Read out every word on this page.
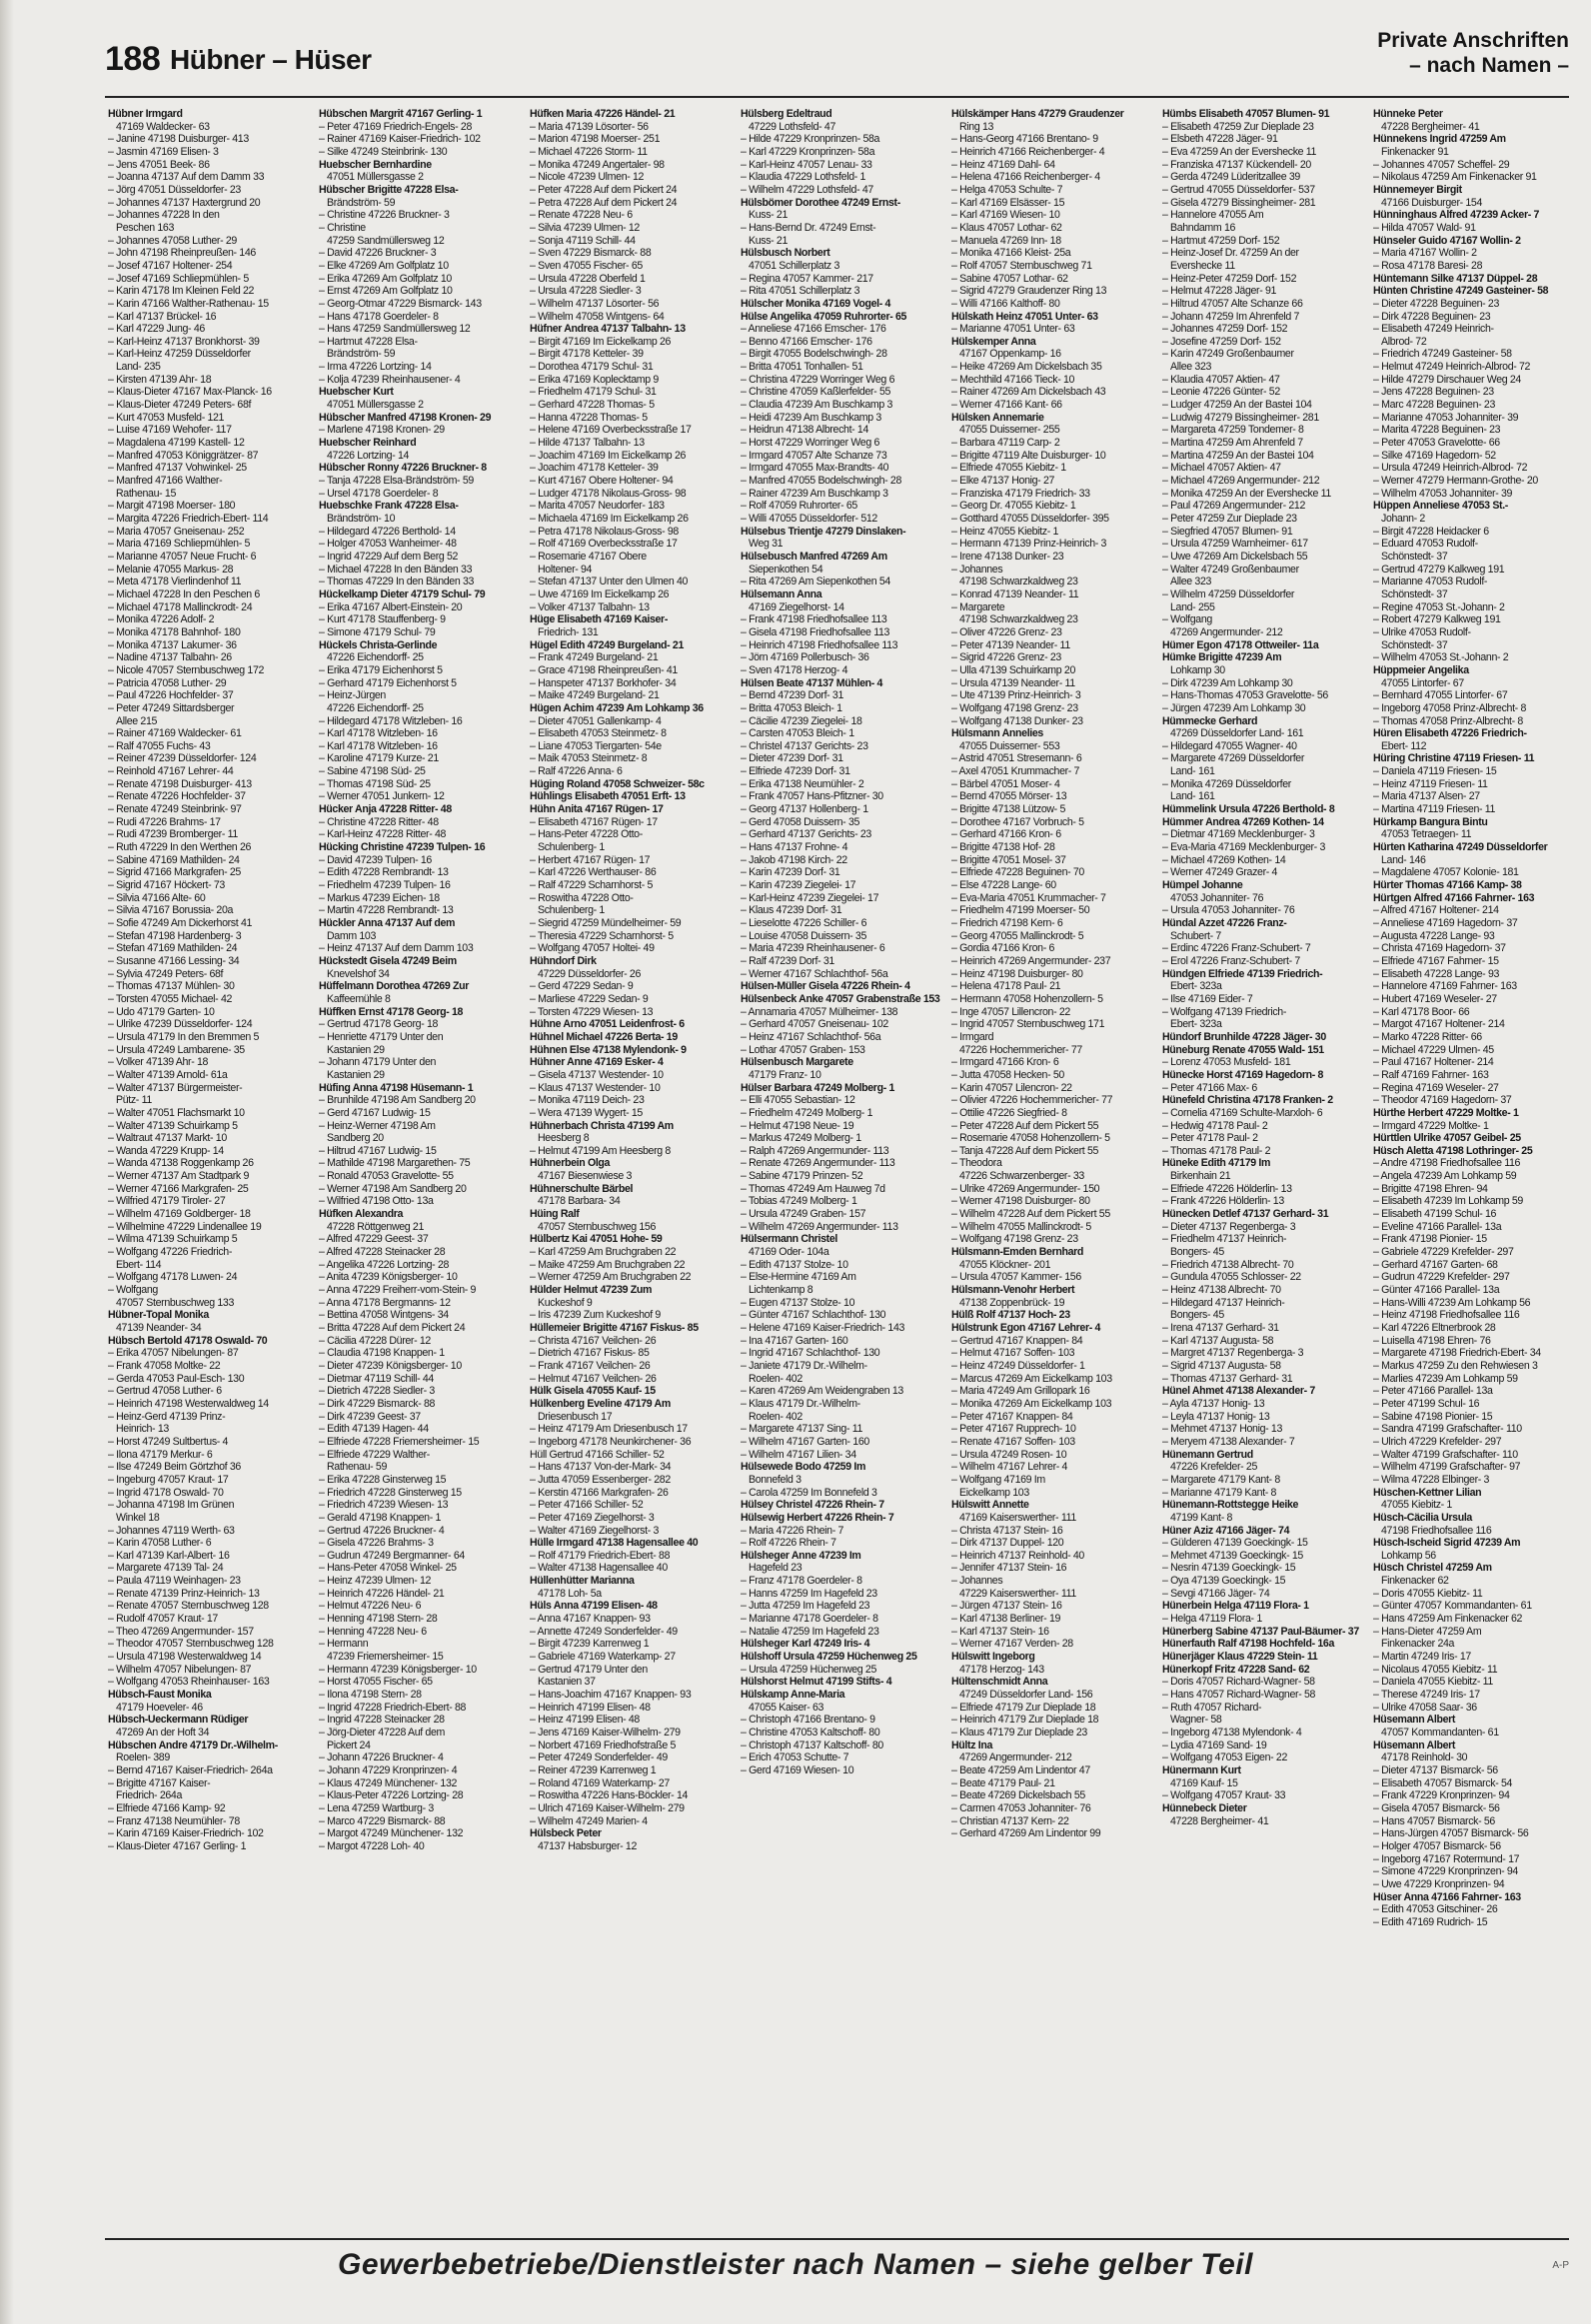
188 Hübner – Hüser
Private Anschriften
– nach Namen –
Hübner Irmgard
47169 Waldecker- 63
– Janine 47198 Duisburger- 413
– Jasmin 47169 Elisen- 3
– Jens 47051 Beek- 86
– Joanna 47137 Auf dem Damm 33
– Jörg 47051 Düsseldorfer- 23
– Johannes 47137 Haxtergrund 20
– Johannes 47228 In den
Peschen 163
– Johannes 47058 Luther- 29
– John 47198 Rheinpreußen- 146
– Josef 47167 Holtener- 254
– Josef 47169 Schliepmühlen- 5
– Karin 47178 Im Kleinen Feld 22
– Karin 47166 Walther-Rathenau- 15
– Karl 47137 Brückel- 16
– Karl 47229 Jung- 46
– Karl-Heinz 47137 Bronkhorst- 39
– Karl-Heinz 47259 Düsseldorfer
Land- 235
– Kirsten 47139 Ahr- 18
– Klaus-Dieter 47167 Max-Planck- 16
– Klaus-Dieter 47249 Peters- 68f
– Kurt 47053 Musfeld- 121
– Luise 47169 Wehofer- 117
– Magdalena 47199 Kastell- 12
– Manfred 47053 Königgrätzer- 87
– Manfred 47137 Vohwinkel- 25
– Manfred 47166 Walther-
Rathenau- 15
– Margit 47198 Moerser- 180
– Margita 47226 Friedrich-Ebert- 114
– Maria 47057 Gneisenau- 252
– Maria 47169 Schliepmühlen- 5
– Marianne 47057 Neue Frucht- 6
– Melanie 47055 Markus- 28
– Meta 47178 Vierlindenhof 11
– Michael 47228 In den Peschen 6
– Michael 47178 Mallinckrodt- 24
– Monika 47226 Adolf- 2
– Monika 47178 Bahnhof- 180
– Monika 47137 Lakumer- 36
– Nadine 47137 Talbahn- 26
– Nicole 47057 Sternbuschweg 172
– Patricia 47058 Luther- 29
– Paul 47226 Hochfelder- 37
– Peter 47249 Sittardsberger
Allee 215
– Rainer 47169 Waldecker- 61
– Ralf 47055 Fuchs- 43
– Reiner 47239 Düsseldorfer- 124
– Reinhold 47167 Lehrer- 44
– Renate 47198 Duisburger- 413
– Renate 47226 Hochfelder- 37
– Renate 47249 Steinbrink- 97
– Rudi 47226 Brahms- 17
– Rudi 47239 Bromberger- 11
– Ruth 47229 In den Werthen 26
– Sabine 47169 Mathilden- 24
– Sigrid 47166 Markgrafen- 25
– Sigrid 47167 Höckert- 73
– Silvia 47166 Alte- 60
– Silvia 47167 Borussia- 20a
– Sofie 47249 Am Dickerhorst 41
– Stefan 47198 Hardenberg- 3
– Stefan 47169 Mathilden- 24
– Susanne 47166 Lessing- 34
– Sylvia 47249 Peters- 68f
– Thomas 47137 Mühlen- 30
– Torsten 47055 Michael- 42
– Udo 47179 Garten- 10
– Ulrike 47239 Düsseldorfer- 124
– Ursula 47179 In den Bremmen 5
– Ursula 47249 Lambarene- 35
– Volker 47139 Ahr- 18
– Walter 47139 Arnold- 61a
– Walter 47137 Bürgermeister-
Pütz- 11
– Walter 47051 Flachsmarkt 10
– Walter 47139 Schuirkamp 5
– Waltraut 47137 Markt- 10
– Wanda 47229 Krupp- 14
– Wanda 47138 Roggenkamp 26
– Werner 47137 Am Stadtpark 9
– Werner 47166 Markgrafen- 25
– Wilfried 47179 Tiroler- 27
– Wilhelm 47169 Goldberger- 18
– Wilhelmine 47229 Lindenallee 19
– Wilma 47139 Schuirkamp 5
– Wolfgang 47226 Friedrich-
Ebert- 114
– Wolfgang 47178 Luwen- 24
– Wolfgang
47057 Sternbuschweg 133
Hübner-Topal Monika
47139 Neander- 34
Hübsch Bertold 47178 Oswald- 70
– Erika 47057 Nibelungen- 87
– Frank 47058 Moltke- 22
– Gerda 47053 Paul-Esch- 130
– Gertrud 47058 Luther- 6
– Heinrich 47198 Westerwaldweg 14
– Heinz-Gerd 47139 Prinz-
Heinrich- 13
– Horst 47249 Sultbertus- 4
– Ilona 47179 Merkur- 6
– Ilse 47249 Beim Görtzhof 36
– Ingeburg 47057 Kraut- 17
– Ingrid 47178 Oswald- 70
– Johanna 47198 Im Grünen
Winkel 18
– Johannes 47119 Werth- 63
– Karin 47058 Luther- 6
– Karl 47139 Karl-Albert- 16
– Margarete 47139 Tal- 24
– Paula 47119 Weinhagen- 23
– Renate 47139 Prinz-Heinrich- 13
– Renate 47057 Sternbuschweg 128
– Rudolf 47057 Kraut- 17
– Theo 47269 Angermunder- 157
– Theodor 47057 Sternbuschweg 128
– Ursula 47198 Westerwaldweg 14
– Wilhelm 47057 Nibelungen- 87
– Wolfgang 47053 Rheinhauser- 163
Hübsch-Faust Monika
47179 Hoeveler- 46
Hübsch-Ueckermann Rüdiger
47269 An der Hoft 34
Hübschen Andre 47179 Dr.-Wilhelm-
Roelen- 389
– Bernd 47167 Kaiser-Friedrich- 264a
– Brigitte 47167 Kaiser-
Friedrich- 264a
– Elfriede 47166 Kamp- 92
– Franz 47138 Neumühler- 78
– Karin 47169 Kaiser-Friedrich- 102
– Klaus-Dieter 47167 Gerling- 1
Hübschen Margrit 47167 Gerling- 1
– Peter 47169 Friedrich-Engels- 28
– Rainer 47169 Kaiser-Friedrich- 102
– Silke 47249 Steinbrink- 130
Huebscher Bernhardine
47051 Müllersgasse 2
Hübscher Brigitte 47228 Elsa-
Brändström- 59
– Christine 47226 Bruckner- 3
– Christine
47259 Sandmüllersweg 12
– David 47226 Bruckner- 3
– Elke 47269 Am Golfplatz 10
– Erika 47269 Am Golfplatz 10
– Ernst 47269 Am Golfplatz 10
– Georg-Otmar 47229 Bismarck- 143
– Hans 47178 Goerdeler- 8
– Hans 47259 Sandmüllersweg 12
– Hartmut 47228 Elsa-
Brändström- 59
– Irma 47226 Lortzing- 14
– Kolja 47239 Rheinhausener- 4
Huebscher Kurt
47051 Müllersgasse 2
Hübscher Manfred 47198 Kronen- 29
– Marlene 47198 Kronen- 29
Huebscher Reinhard
47226 Lortzing- 14
Hübscher Ronny 47226 Bruckner- 8
– Tanja 47228 Elsa-Brändström- 59
– Ursel 47178 Goerdeler- 8
Huebschke Frank 47228 Elsa-
Brändström- 10
– Hildegard 47226 Berthold- 14
– Holger 47053 Wanheimer- 48
– Ingrid 47229 Auf dem Berg 52
– Michael 47228 In den Bänden 33
– Thomas 47229 In den Bänden 33
Hückelkamp Dieter 47179 Schul- 79
– Erika 47167 Albert-Einstein- 20
– Kurt 47178 Stauffenberg- 9
– Simone 47179 Schul- 79
Hückels Christa-Gerlinde
47226 Eichendorff- 25
– Erika 47179 Eichenhorst 5
– Gerhard 47179 Eichenhorst 5
– Heinz-Jürgen
47226 Eichendorff- 25
– Hildegard 47178 Witzleben- 16
– Karl 47178 Witzleben- 16
– Karl 47178 Witzleben- 16
– Karoline 47179 Kurze- 21
– Sabine 47198 Süd- 25
– Thomas 47198 Süd- 25
– Werner 47051 Junkern- 12
Hücker Anja 47228 Ritter- 48
– Christine 47228 Ritter- 48
– Karl-Heinz 47228 Ritter- 48
Hücking Christine 47239 Tulpen- 16
– David 47239 Tulpen- 16
– Edith 47228 Rembrandt- 13
– Friedhelm 47239 Tulpen- 16
– Markus 47239 Eichen- 18
– Martin 47228 Rembrandt- 13
Hückler Anna 47137 Auf dem
Damm 103
– Heinz 47137 Auf dem Damm 103
Hückstedt Gisela 47249 Beim
Knevelshof 34
Hüffelmann Dorothea 47269 Zur
Kaffeemühle 8
Hüffken Ernst 47178 Georg- 18
– Gertrud 47178 Georg- 18
– Henriette 47179 Unter den
Kastanien 29
– Johann 47179 Unter den
Kastanien 29
Hüfing Anna 47198 Hüsemann- 1
– Brunhilde 47198 Am Sandberg 20
– Gerd 47167 Ludwig- 15
– Heinz-Werner 47198 Am
Sandberg 20
– Hiltrud 47167 Ludwig- 15
– Mathilde 47198 Margarethen- 75
– Ronald 47053 Gravelotte- 55
– Werner 47198 Am Sandberg 20
– Wilfried 47198 Otto- 13a
Hüfken Alexandra
47228 Röttgenweg 21
– Alfred 47229 Geest- 37
– Alfred 47228 Steinacker 28
– Angelika 47226 Lortzing- 28
– Anita 47239 Königsberger- 10
– Anna 47229 Freiherr-vom-Stein- 9
– Anna 47178 Bergmanns- 12
– Bettina 47058 Wintgens- 34
– Britta 47228 Auf dem Pickert 24
– Cäcilia 47228 Dürer- 12
– Claudia 47198 Knappen- 1
– Dieter 47239 Königsberger- 10
– Dietmar 47119 Schill- 44
– Dietrich 47228 Siedler- 3
– Dirk 47229 Bismarck- 88
– Dirk 47239 Geest- 37
– Edith 47139 Hagen- 44
– Elfriede 47228 Friemersheimer- 15
– Elfriede 47229 Walther-
Rathenau- 59
– Erika 47228 Ginsterweg 15
– Friedrich 47228 Ginsterweg 15
– Friedrich 47239 Wiesen- 13
– Gerald 47198 Knappen- 1
– Gertrud 47226 Bruckner- 4
– Gisela 47226 Brahms- 3
– Gudrun 47249 Bergmanner- 64
– Hans-Peter 47058 Winkel- 25
– Heinz 47239 Ulmen- 12
– Heinrich 47226 Händel- 21
– Helmut 47226 Neu- 6
– Henning 47198 Stern- 28
– Henning 47228 Neu- 6
– Hermann
47239 Friemersheimer- 15
– Hermann 47239 Königsberger- 10
– Horst 47055 Fischer- 65
– Ilona 47198 Stern- 28
– Ingrid 47228 Friedrich-Ebert- 88
– Ingrid 47228 Steinacker 28
– Jörg-Dieter 47228 Auf dem
Pickert 24
– Johann 47226 Bruckner- 4
– Johann 47229 Kronprinzen- 4
– Klaus 47249 Münchener- 132
– Klaus-Peter 47226 Lortzing- 28
– Lena 47259 Wartburg- 3
– Marco 47229 Bismarck- 88
– Margot 47249 Münchener- 132
– Margot 47228 Loh- 40
Hüfken Maria 47226 Händel- 21
– Maria 47139 Lösorter- 56
– Marion 47198 Moerser- 251
– Michael 47226 Storm- 11
– Monika 47249 Angertaler- 98
– Nicole 47239 Ulmen- 12
– Peter 47228 Auf dem Pickert 24
– Petra 47228 Auf dem Pickert 24
– Renate 47228 Neu- 6
– Silvia 47239 Ulmen- 12
– Sonja 47119 Schill- 44
– Sven 47229 Bismarck- 88
– Sven 47055 Fischer- 65
– Ursula 47228 Oberfeld 1
– Ursula 47228 Siedler- 3
– Wilhelm 47137 Lösorter- 56
– Wilhelm 47058 Wintgens- 64
Hüfner Andrea 47137 Talbahn- 13
– Birgit 47169 Im Eickelkamp 26
– Birgit 47178 Ketteler- 39
– Dorothea 47179 Schul- 31
– Erika 47169 Koplecktamp 9
– Friedhelm 47179 Schul- 31
– Gerhard 47228 Thomas- 5
– Hanna 47228 Thomas- 5
– Helene 47169 Overbecksstraße 17
– Hilde 47137 Talbahn- 13
– Joachim 47169 Im Eickelkamp 26
– Joachim 47178 Ketteler- 39
– Kurt 47167 Obere Holtener- 94
– Ludger 47178 Nikolaus-Gross- 98
– Marita 47057 Neudorfer- 183
– Michaela 47169 Im Eickelkamp 26
– Petra 47178 Nikolaus-Gross- 98
– Rolf 47169 Overbecksstraße 17
– Rosemarie 47167 Obere
Holtener- 94
– Stefan 47137 Unter den Ulmen 40
– Uwe 47169 Im Eickelkamp 26
– Volker 47137 Talbahn- 13
Hüge Elisabeth 47169 Kaiser-
Friedrich- 131
Hügel Edith 47249 Burgeland- 21
– Frank 47249 Burgeland- 21
– Grace 47198 Rheinpreußen- 41
– Hanspeter 47137 Borkhofer- 34
– Maike 47249 Burgeland- 21
Hügen Achim 47239 Am Lohkamp 36
– Dieter 47051 Gallenkamp- 4
– Elisabeth 47053 Steinmetz- 8
– Liane 47053 Tiergarten- 54e
– Maik 47053 Steinmetz- 8
– Ralf 47226 Anna- 6
Hüging Roland 47058 Schweizer- 58c
Hühlings Elisabeth 47051 Erft- 13
Hühn Anita 47167 Rügen- 17
– Elisabeth 47167 Rügen- 17
– Hans-Peter 47228 Otto-
Schulenberg- 1
– Herbert 47167 Rügen- 17
– Karl 47226 Werthauser- 86
– Ralf 47229 Scharnhorst- 5
– Roswitha 47228 Otto-
Schulenberg- 1
– Siegrid 47259 Mündelheimer- 59
– Theresia 47229 Scharnhorst- 5
– Wolfgang 47057 Holtei- 49
Hühndorf Dirk
47229 Düsseldorfer- 26
– Gerd 47229 Sedan- 9
– Marliese 47229 Sedan- 9
– Torsten 47229 Wiesen- 13
Hühne Arno 47051 Leidenfrost- 6
Hühnel Michael 47226 Berta- 19
Hühnen Else 47138 Mylendonk- 9
Hühner Anne 47169 Esker- 4
– Gisela 47137 Westender- 10
– Klaus 47137 Westender- 10
– Monika 47119 Deich- 23
– Wera 47139 Wygert- 15
Hühnerbach Christa 47199 Am
Heesberg 8
– Helmut 47199 Am Heesberg 8
Hühnerbein Olga
47167 Biesenwiese 3
Hühnerschulte Bärbel
47178 Barbara- 34
Hüing Ralf
47057 Sternbuschweg 156
Hülbertz Kai 47051 Hohe- 59
– Karl 47259 Am Bruchgraben 22
– Maike 47259 Am Bruchgraben 22
– Werner 47259 Am Bruchgraben 22
Hülder Helmut 47239 Zum
Kuckeshof 9
– Iris 47239 Zum Kuckeshof 9
Hüllemeier Brigitte 47167 Fiskus- 85
– Christa 47167 Veilchen- 26
– Dietrich 47167 Fiskus- 85
– Frank 47167 Veilchen- 26
– Helmut 47167 Veilchen- 26
Hülk Gisela 47055 Kauf- 15
Hülkenberg Eveline 47179 Am
Driesenbusch 17
– Heinz 47179 Am Driesenbusch 17
– Ingeborg 47178 Neunkirchener- 36
Hüll Gertrud 47166 Schiller- 52
– Hans 47137 Von-der-Mark- 34
– Jutta 47059 Essenberger- 282
– Kerstin 47166 Markgrafen- 26
– Peter 47166 Schiller- 52
– Peter 47169 Ziegelhorst- 3
– Walter 47169 Ziegelhorst- 3
Hülle Irmgard 47138 Hagensallee 40
– Rolf 47179 Friedrich-Ebert- 88
– Walter 47138 Hagensallee 40
Hüllenhütter Marianna
47178 Loh- 5a
Hüls Anna 47199 Elisen- 48
– Anna 47167 Knappen- 93
– Annette 47249 Sonderfelder- 49
– Birgit 47239 Karrenweg 1
– Gabriele 47169 Waterkamp- 27
– Gertrud 47179 Unter den
Kastanien 37
– Hans-Joachim 47167 Knappen- 93
– Heinrich 47199 Elisen- 48
– Heinz 47199 Elisen- 48
– Jens 47169 Kaiser-Wilhelm- 279
– Norbert 47169 Friedhofstraße 5
– Peter 47249 Sonderfelder- 49
– Reiner 47239 Karrenweg 1
– Roland 47169 Waterkamp- 27
– Roswitha 47226 Hans-Böckler- 14
– Ulrich 47169 Kaiser-Wilhelm- 279
– Wilhelm 47249 Marien- 4
Hülsbeck Peter
47137 Habsburger- 12
Hülsberg Edeltraud
47229 Lothsfeld- 47
– Hilde 47229 Kronprinzen- 58a
– Karl 47229 Kronprinzen- 58a
– Karl-Heinz 47057 Lenau- 33
– Klaudia 47229 Lothsfeld- 1
– Wilhelm 47229 Lothsfeld- 47
Hülsbömer Dorothee 47249 Ernst-
Kuss- 21
– Hans-Bernd Dr. 47249 Ernst-
Kuss- 21
Hülsbusch Norbert
47051 Schillerplatz 3
– Regina 47057 Kammer- 217
– Rita 47051 Schillerplatz 3
Hülscher Monika 47169 Vogel- 4
Hülse Angelika 47059 Ruhrorter- 65
– Anneliese 47166 Emscher- 176
– Benno 47166 Emscher- 176
– Birgit 47055 Bodelschwingh- 28
– Britta 47051 Tonhallen- 51
– Christina 47229 Worringer Weg 6
– Christine 47059 Kaßlerfelder- 55
– Claudia 47239 Am Buschkamp 3
– Heidi 47239 Am Buschkamp 3
– Heidrun 47138 Albrecht- 14
– Horst 47229 Worringer Weg 6
– Irmgard 47057 Alte Schanze 73
– Irmgard 47055 Max-Brandts- 40
– Manfred 47055 Bodelschwingh- 28
– Rainer 47239 Am Buschkamp 3
– Rolf 47059 Ruhrorter- 65
– Willi 47055 Düsseldorfer- 512
Hülsebus Trientje 47279 Dinslaken-
Weg 31
Hülsebusch Manfred 47269 Am
Siepenkothen 54
– Rita 47269 Am Siepenkothen 54
Hülsemann Anna
47169 Ziegelhorst- 14
– Frank 47198 Friedhofsallee 113
– Gisela 47198 Friedhofsallee 113
– Heinrich 47198 Friedhofsallee 113
– Jörn 47169 Pollerbusch- 36
– Sven 47178 Herzog- 4
Hülsen Beate 47137 Mühlen- 4
– Bernd 47239 Dorf- 31
– Britta 47053 Bleich- 1
– Cäcilie 47239 Ziegelei- 18
– Carsten 47053 Bleich- 1
– Christel 47137 Gerichts- 23
– Dieter 47239 Dorf- 31
– Elfriede 47239 Dorf- 31
– Erika 47138 Neumühler- 2
– Frank 47057 Hans-Pfitzner- 30
– Georg 47137 Hollenberg- 1
– Gerd 47058 Duissern- 35
– Gerhard 47137 Gerichts- 23
– Hans 47137 Frohne- 4
– Jakob 47198 Kirch- 22
– Karin 47239 Dorf- 31
– Karin 47239 Ziegelei- 17
– Karl-Heinz 47239 Ziegelei- 17
– Klaus 47239 Dorf- 31
– Lieselotte 47226 Schiller- 6
– Louise 47058 Duissern- 35
– Maria 47239 Rheinhausener- 6
– Ralf 47239 Dorf- 31
– Werner 47167 Schlachthof- 56a
Hülsen-Müller Gisela 47226 Rhein- 4
Hülsenbeck Anke 47057 Grabenstraße 153
– Annamaria 47057 Mülheimer- 138
– Gerhard 47057 Gneisenau- 102
– Heinz 47167 Schlachthof- 56a
– Lothar 47057 Graben- 153
Hülsenbusch Margarete
47179 Franz- 10
Hülser Barbara 47249 Molberg- 1
– Elli 47055 Sebastian- 12
– Friedhelm 47249 Molberg- 1
– Helmut 47198 Neue- 19
– Markus 47249 Molberg- 1
– Ralph 47269 Angermunder- 113
– Renate 47269 Angermunder- 113
– Sabine 47179 Prinzen- 52
– Thomas 47249 Am Hauweg 7d
– Tobias 47249 Molberg- 1
– Ursula 47249 Graben- 157
– Wilhelm 47269 Angermunder- 113
Hülsermann Christel
47169 Oder- 104a
– Edith 47137 Stolze- 10
– Else-Hermine 47169 Am
Lichtenkamp 8
– Eugen 47137 Stolze- 10
– Günter 47167 Schlachthof- 130
– Helene 47169 Kaiser-Friedrich- 143
– Ina 47167 Garten- 160
– Ingrid 47167 Schlachthof- 130
– Janiete 47179 Dr.-Wilhelm-
Roelen- 402
– Karen 47269 Am Weidengraben 13
– Klaus 47179 Dr.-Wilhelm-
Roelen- 402
– Margarete 47137 Sing- 11
– Wilhelm 47167 Garten- 160
– Wilhelm 47167 Lilien- 34
Hülsewede Bodo 47259 Im
Bonnefeld 3
– Carola 47259 Im Bonnefeld 3
Hülsey Christel 47226 Rhein- 7
Hülsewig Herbert 47226 Rhein- 7
– Maria 47226 Rhein- 7
– Rolf 47226 Rhein- 7
Hülsheger Anne 47239 Im
Hagefeld 23
– Franz 47178 Goerdeler- 8
– Hanns 47259 Im Hagefeld 23
– Jutta 47259 Im Hagefeld 23
– Marianne 47178 Goerdeler- 8
– Natalie 47259 Im Hagefeld 23
Hülsheger Karl 47249 Iris- 4
Hülshoff Ursula 47259 Hüchenweg 25
– Ursula 47259 Hüchenweg 25
Hülshorst Helmut 47199 Stifts- 4
Hülskamp Anne-Maria
47055 Kaiser- 63
– Christoph 47166 Brentano- 9
– Christine 47053 Kaltschoff- 80
– Christoph 47137 Kaltschoff- 80
– Erich 47053 Schutte- 7
– Gerd 47169 Wiesen- 10
Hülskämper Hans 47279 Graudenzer
Ring 13
– Hans-Georg 47166 Brentano- 9
– Heinrich 47166 Reichenberger- 4
– Heinz 47169 Dahl- 64
– Helena 47166 Reichenberger- 4
– Helga 47053 Schulte- 7
– Karl 47169 Elsässer- 15
– Karl 47169 Wiesen- 10
– Klaus 47057 Lothar- 62
– Manuela 47269 Inn- 18
– Monika 47166 Kleist- 25a
– Rolf 47057 Sternbuschweg 71
– Sabine 47057 Lothar- 62
– Sigrid 47279 Graudenzer Ring 13
– Willi 47166 Kalthoff- 80
Hülskath Heinz 47051 Unter- 63
– Marianne 47051 Unter- 63
Hülskemper Anna
47167 Oppenkamp- 16
– Heike 47269 Am Dickelsbach 35
– Mechthild 47166 Tieck- 10
– Rainer 47269 Am Dickelsbach 43
– Werner 47166 Kant- 66
Hülsken Annemarie
47055 Duisserner- 255
– Barbara 47119 Carp- 2
– Brigitte 47119 Alte Duisburger- 10
– Elfriede 47055 Kiebitz- 1
– Elke 47137 Honig- 27
– Franziska 47179 Friedrich- 33
– Georg Dr. 47055 Kiebitz- 1
– Gotthard 47055 Düsseldorfer- 395
– Heinz 47055 Kiebitz- 1
– Hermann 47139 Prinz-Heinrich- 3
– Irene 47138 Dunker- 23
– Johannes
47198 Schwarzkaldweg 23
– Konrad 47139 Neander- 11
– Margarete
47198 Schwarzkaldweg 23
– Oliver 47226 Grenz- 23
– Peter 47139 Neander- 11
– Sigrid 47226 Grenz- 23
– Ulla 47139 Schuirkamp 20
– Ursula 47139 Neander- 11
– Ute 47139 Prinz-Heinrich- 3
– Wolfgang 47198 Grenz- 23
– Wolfgang 47138 Dunker- 23
Hülsmann Annelies
47055 Duisserner- 553
– Astrid 47051 Stresemann- 6
– Axel 47051 Krummacher- 7
– Bärbel 47051 Moser- 4
– Bernd 47055 Mörser- 13
– Brigitte 47138 Lützow- 5
– Dorothee 47167 Vorbruch- 5
– Gerhard 47166 Kron- 6
– Brigitte 47138 Hof- 28
– Brigitte 47051 Mosel- 37
– Elfriede 47228 Beguinen- 70
– Else 47228 Lange- 60
– Eva-Maria 47051 Krummacher- 7
– Friedhelm 47199 Moerser- 50
– Friedrich 47198 Kern- 6
– Georg 47055 Mallinckrodt- 5
– Gordia 47166 Kron- 6
– Heinrich 47269 Angermunder- 237
– Heinz 47198 Duisburger- 80
– Helena 47178 Paul- 21
– Hermann 47058 Hohenzollern- 5
– Inge 47057 Lillencron- 22
– Ingrid 47057 Sternbuschweg 171
– Irmgard
47226 Hochemmericher- 77
– Irmgard 47166 Kron- 6
– Jutta 47058 Hecken- 50
– Karin 47057 Lilencron- 22
– Olivier 47226 Hochemmericher- 77
– Ottilie 47226 Siegfried- 8
– Peter 47228 Auf dem Pickert 55
– Rosemarie 47058 Hohenzollern- 5
– Tanja 47228 Auf dem Pickert 55
– Theodora
47226 Schwarzenberger- 33
– Ulrike 47269 Angermunder- 150
– Werner 47198 Duisburger- 80
– Wilhelm 47228 Auf dem Pickert 55
– Wilhelm 47055 Mallinckrodt- 5
– Wolfgang 47198 Grenz- 23
Hülsmann-Emden Bernhard
47055 Klöckner- 201
– Ursula 47057 Kammer- 156
Hülsmann-Venohr Herbert
47138 Zoppenbrück- 19
Hülß Rolf 47137 Hoch- 23
Hülstrunk Egon 47167 Lehrer- 4
– Gertrud 47167 Knappen- 84
– Helmut 47167 Soffen- 103
– Heinz 47249 Düsseldorfer- 1
– Marcus 47269 Am Eickelkamp 103
– Maria 47249 Am Grillopark 16
– Monika 47269 Am Eickelkamp 103
– Peter 47167 Knappen- 84
– Peter 47167 Rupprech- 10
– Renate 47167 Soffen- 103
– Ursula 47249 Rosen- 10
– Wilhelm 47167 Lehrer- 4
– Wolfgang 47169 Im
Eickelkamp 103
Hülswitt Annette
47169 Kaiserswerther- 111
– Christa 47137 Stein- 16
– Dirk 47137 Duppel- 120
– Heinrich 47137 Reinhold- 40
– Jennifer 47137 Stein- 16
– Johannes
47229 Kaiserswerther- 111
– Jürgen 47137 Stein- 16
– Karl 47138 Berliner- 19
– Karl 47137 Stein- 16
– Werner 47167 Verden- 28
Hülswitt Ingeborg
47178 Herzog- 143
Hültenschmidt Anna
47249 Düsseldorfer Land- 156
– Elfriede 47179 Zur Dieplade 18
– Heinrich 47179 Zur Dieplade 18
– Klaus 47179 Zur Dieplade 23
Hültz Ina
47269 Angermunder- 212
– Beate 47259 Am Lindentor 47
– Beate 47179 Paul- 21
– Beate 47269 Dickelsbach 55
– Carmen 47053 Johanniter- 76
– Christian 47137 Kern- 22
– Gerhard 47269 Am Lindentor 99
Hümbs Elisabeth 47057 Blumen- 91
– Elisabeth 47259 Zur Dieplade 23
– Elsbeth 47228 Jäger- 91
– Eva 47259 An der Evershecke 11
– Franziska 47137 Kückendell- 20
– Gerda 47249 Lüderitzallee 39
– Gertrud 47055 Düsseldorfer- 537
– Gisela 47279 Bissingheimer- 281
– Hannelore 47055 Am
Bahndamm 16
– Hartmut 47259 Dorf- 152
– Heinz-Josef Dr. 47259 An der
Evershecke 11
– Heinz-Peter 47259 Dorf- 152
– Helmut 47228 Jäger- 91
– Hiltrud 47057 Alte Schanze 66
– Johann 47259 Im Ahrenfeld 7
– Johannes 47259 Dorf- 152
– Josefine 47259 Dorf- 152
– Karin 47249 Großenbaumer
Allee 323
– Klaudia 47057 Aktien- 47
– Leonie 47226 Günter- 52
– Ludger 47259 An der Bastei 104
– Ludwig 47279 Bissingheimer- 281
– Margareta 47259 Tondemer- 8
– Martina 47259 Am Ahrenfeld 7
– Martina 47259 An der Bastei 104
– Michael 47057 Aktien- 47
– Michael 47269 Angermunder- 212
– Monika 47259 An der Evershecke 11
– Paul 47269 Angermunder- 212
– Peter 47259 Zur Dieplade 23
– Siegfried 47057 Blumen- 91
– Ursula 47259 Warnheimer- 617
– Uwe 47269 Am Dickelsbach 55
– Walter 47249 Großenbaumer
Allee 323
– Wilhelm 47259 Düsseldorfer
Land- 255
– Wolfgang
47269 Angermunder- 212
Hümer Egon 47178 Ottweiler- 11a
Hümke Brigitte 47239 Am
Lohkamp 30
– Dirk 47239 Am Lohkamp 30
– Hans-Thomas 47053 Gravelotte- 56
– Jürgen 47239 Am Lohkamp 30
Hümmecke Gerhard
47269 Düsseldorfer Land- 161
– Hildegard 47055 Wagner- 40
– Margarete 47269 Düsseldorfer
Land- 161
– Monika 47269 Düsseldorfer
Land- 161
Hümmelink Ursula 47226 Berthold- 8
Hümmer Andrea 47269 Kothen- 14
– Dietmar 47169 Mecklenburger- 3
– Eva-Maria 47169 Mecklenburger- 3
– Michael 47269 Kothen- 14
– Werner 47249 Grazer- 4
Hümpel Johanne
47053 Johanniter- 76
– Ursula 47053 Johanniter- 76
Hündal Azzet 47226 Franz-
Schubert- 7
– Erdinc 47226 Franz-Schubert- 7
– Erol 47226 Franz-Schubert- 7
Hündgen Elfriede 47139 Friedrich-
Ebert- 323a
– Ilse 47169 Eider- 7
– Wolfgang 47139 Friedrich-
Ebert- 323a
Hündorf Brunhilde 47228 Jäger- 30
Hüneburg Renate 47055 Wald- 151
– Lorenz 47053 Musfeld- 181
Hünecke Horst 47169 Hagedorn- 8
– Peter 47166 Max- 6
Hünefeld Christina 47178 Franken- 2
– Cornelia 47169 Schulte-Marxloh- 6
– Hedwig 47178 Paul- 2
– Peter 47178 Paul- 2
– Thomas 47178 Paul- 2
Hüneke Edith 47179 Im
Birkenhain 21
– Elfriede 47226 Hölderlin- 13
– Frank 47226 Hölderlin- 13
Hünecken Detlef 47137 Gerhard- 31
– Dieter 47137 Regenberga- 3
– Friedhelm 47137 Heinrich-
Bongers- 45
– Friedrich 47138 Albrecht- 70
– Gundula 47055 Schlosser- 22
– Heinz 47138 Albrecht- 70
– Hildegard 47137 Heinrich-
Bongers- 45
– Irena 47137 Gerhard- 31
– Karl 47137 Augusta- 58
– Margret 47137 Regenberga- 3
– Sigrid 47137 Augusta- 58
– Thomas 47137 Gerhard- 31
Hünel Ahmet 47138 Alexander- 7
– Ayla 47137 Honig- 13
– Leyla 47137 Honig- 13
– Mehmet 47137 Honig- 13
– Meryem 47138 Alexander- 7
Hünemann Gertrud
47226 Krefelder- 25
– Margarete 47179 Kant- 8
– Marianne 47179 Kant- 8
Hünemann-Rottstegge Heike
47199 Kant- 8
Hüner Aziz 47166 Jäger- 74
– Gülderen 47139 Goeckingk- 15
– Mehmet 47139 Goeckingk- 15
– Nesrin 47139 Goeckingk- 15
– Oya 47139 Goeckingk- 15
– Sevgi 47166 Jäger- 74
Hünerbein Helga 47119 Flora- 1
– Helga 47119 Flora- 1
Hünerberg Sabine 47137 Paul-Bäumer- 37
Hünerfauth Ralf 47198 Hochfeld- 16a
Hünerjäger Klaus 47229 Stein- 11
Hünerkopf Fritz 47228 Sand- 62
– Doris 47057 Richard-Wagner- 58
– Hans 47057 Richard-Wagner- 58
– Ruth 47057 Richard-
Wagner- 58
– Ingeborg 47138 Mylendonk- 4
– Lydia 47169 Sand- 19
– Wolfgang 47053 Eigen- 22
Hünermann Kurt
47169 Kauf- 15
– Wolfgang 47057 Kraut- 33
Hünnebeck Dieter
47228 Bergheimer- 41
Hünneke Peter
47228 Bergheimer- 41
Hünnekens Ingrid 47259 Am
Finkenacker 91
– Johannes 47057 Scheffel- 29
– Nikolaus 47259 Am Finkenacker 91
Hünnemeyer Birgit
47166 Duisburger- 154
Hünninghaus Alfred 47239 Acker- 7
– Hilda 47057 Wald- 91
Hünseler Guido 47167 Wollin- 2
– Maria 47167 Wollin- 2
– Rosa 47178 Baresi- 28
Hüntemann Silke 47137 Düppel- 28
Hünten Christine 47249 Gasteiner- 58
– Dieter 47228 Beguinen- 23
– Dirk 47228 Beguinen- 23
– Elisabeth 47249 Heinrich-
Albrod- 72
– Friedrich 47249 Gasteiner- 58
– Helmut 47249 Heinrich-Albrod- 72
– Hilde 47279 Dirschauer Weg 24
– Jens 47228 Beguinen- 23
– Marc 47228 Beguinen- 23
– Marianne 47053 Johanniter- 39
– Marita 47228 Beguinen- 23
– Peter 47053 Gravelotte- 66
– Silke 47169 Hagedorn- 52
– Ursula 47249 Heinrich-Albrod- 72
– Werner 47279 Hermann-Grothe- 20
– Wilhelm 47053 Johanniter- 39
Hüppen Anneliese 47053 St.-
Johann- 2
– Birgit 47228 Heidacker 6
– Eduard 47053 Rudolf-
Schönstedt- 37
– Gertrud 47279 Kalkweg 191
– Marianne 47053 Rudolf-
Schönstedt- 37
– Regine 47053 St.-Johann- 2
– Robert 47279 Kalkweg 191
– Ulrike 47053 Rudolf-
Schönstedt- 37
– Wilhelm 47053 St.-Johann- 2
Hüppmeier Angelika
47055 Lintorfer- 67
– Bernhard 47055 Lintorfer- 67
– Ingeborg 47058 Prinz-Albrecht- 8
– Thomas 47058 Prinz-Albrecht- 8
Hüren Elisabeth 47226 Friedrich-
Ebert- 112
Hüring Christine 47119 Friesen- 11
– Daniela 47119 Friesen- 15
– Heinz 47119 Friesen- 11
– Maria 47137 Alsen- 27
– Martina 47119 Friesen- 11
Hürkamp Bangura Bintu
47053 Tetraegen- 11
Hürten Katharina 47249 Düsseldorfer
Land- 146
– Magdalene 47057 Kolonie- 181
Hürter Thomas 47166 Kamp- 38
Hürtgen Alfred 47166 Fahrner- 163
– Alfred 47167 Holtener- 214
– Anneliese 47169 Hagedorn- 37
– Augusta 47228 Lange- 93
– Christa 47169 Hagedorn- 37
– Elfriede 47167 Fahrner- 15
– Elisabeth 47228 Lange- 93
– Hannelore 47169 Fahrner- 163
– Hubert 47169 Weseler- 27
– Karl 47178 Boor- 66
– Margot 47167 Holtener- 214
– Marko 47228 Ritter- 66
– Michael 47229 Ulmen- 45
– Paul 47167 Holtener- 214
– Ralf 47169 Fahrner- 163
– Regina 47169 Weseler- 27
– Theodor 47169 Hagedorn- 37
Hürthe Herbert 47229 Moltke- 1
– Irmgard 47229 Moltke- 1
Hürttlen Ulrike 47057 Geibel- 25
Hüsch Aletta 47198 Lothringer- 25
– Andre 47198 Friedhofsallee 116
– Angela 47239 Am Lohkamp 59
– Brigitte 47198 Ehren- 94
– Elisabeth 47239 Im Lohkamp 59
– Elisabeth 47199 Schul- 16
– Eveline 47166 Parallel- 13a
– Frank 47198 Pionier- 15
– Gabriele 47229 Krefelder- 297
– Gerhard 47167 Garten- 68
– Gudrun 47229 Krefelder- 297
– Günter 47166 Parallel- 13a
– Hans-Willi 47239 Am Lohkamp 56
– Heinz 47198 Friedhofsallee 116
– Karl 47226 Eltnerbrook 28
– Luisella 47198 Ehren- 76
– Margarete 47198 Friedrich-Ebert- 34
– Markus 47259 Zu den Rehwiesen 3
– Marlies 47239 Am Lohkamp 59
– Peter 47166 Parallel- 13a
– Peter 47199 Schul- 16
– Sabine 47198 Pionier- 15
– Sandra 47199 Grafschafter- 110
– Ulrich 47229 Krefelder- 297
– Walter 47199 Grafschafter- 110
– Wilhelm 47199 Grafschafter- 97
– Wilma 47228 Elbinger- 3
Hüschen-Kettner Lilian
47055 Kiebitz- 1
Hüsch-Cäcilia Ursula
47198 Friedhofsallee 116
Hüsch-Ischeid Sigrid 47239 Am
Lohkamp 56
Hüsch Christel 47259 Am
Finkenacker 62
– Doris 47055 Kiebitz- 11
– Günter 47057 Kommandanten- 61
– Hans 47259 Am Finkenacker 62
– Hans-Dieter 47259 Am
Finkenacker 24a
– Martin 47249 Iris- 17
– Nicolaus 47055 Kiebitz- 11
– Daniela 47055 Kiebitz- 11
– Therese 47249 Iris- 17
– Ulrike 47058 Saar- 36
Hüsemann Albert
47057 Kommandanten- 61
Hüsemann Albert
47178 Reinhold- 30
– Dieter 47137 Bismarck- 56
– Elisabeth 47057 Bismarck- 54
– Frank 47229 Kronprinzen- 94
– Gisela 47057 Bismarck- 56
– Hans 47057 Bismarck- 56
– Hans-Jürgen 47057 Bismarck- 56
– Holger 47057 Bismarck- 56
– Ingeborg 47167 Rotermund- 17
– Simone 47229 Kronprinzen- 94
– Uwe 47229 Kronprinzen- 94
Hüser Anna 47166 Fahrner- 163
– Edith 47053 Gitschiner- 26
– Edith 47169 Rudrich- 15
Gewerbebetriebe/Dienstleister nach Namen – siehe gelber Teil	A-P
